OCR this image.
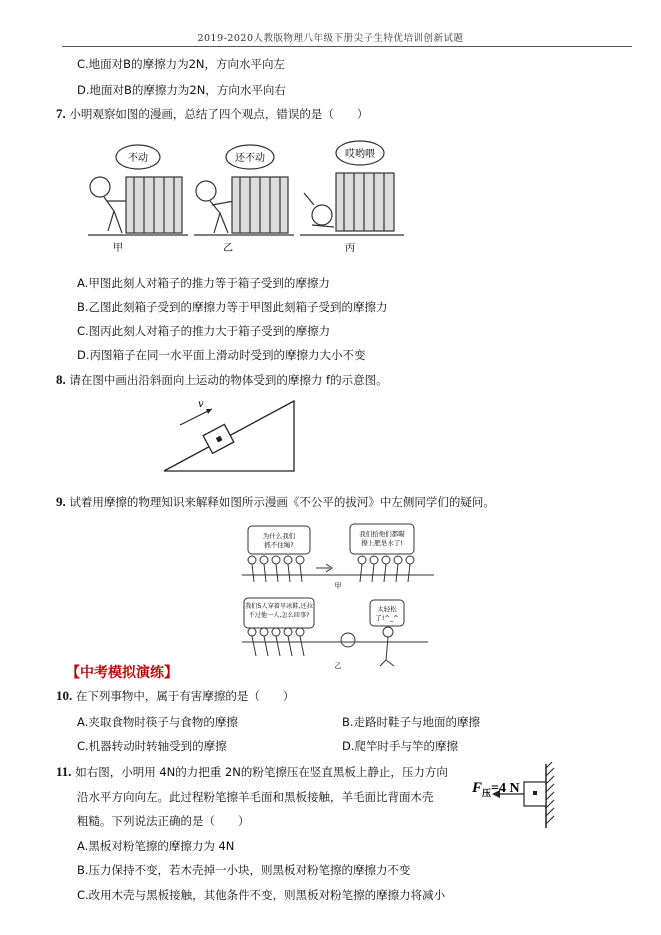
2019-2020人教版物理八年级下册尖子生特优培训创新试题
C.地面对B的摩擦力为2N，方向水平向左
D.地面对B的摩擦力为2N，方向水平向右
7. 小明观察如图的漫画，总结了四个观点，错误的是（　　）
不动	还不动	哎哟喂
甲	乙	丙
A.甲图此刻人对箱子的推力等于箱子受到的摩擦力
B.乙图此刻箱子受到的摩擦力等于甲图此刻箱子受到的摩擦力
C.图丙此刻人对箱子的推力大于箱子受到的摩擦力
D.丙图箱子在同一水平面上滑动时受到的摩擦力大小不变
8. 请在图中画出沿斜面向上运动的物体受到的摩擦力 f的示意图。
v
9. 试着用摩擦的物理知识来解释如图所示漫画《不公平的拔河》中左侧同学们的疑问。
为什么我们抓不住绳?
我们拾他们都瞄撩上肥皂水了!
我们5人穿着旱冰鞋,还拉不过他一人,怎么回事?
太轻松了!^_^
甲
乙
【中考模拟演练】
10. 在下列事物中，属于有害摩擦的是（　　）
A.夹取食物时筷子与食物的摩擦	B.走路时鞋子与地面的摩擦
C.机器转动时转轴受到的摩擦	D.爬竿时手与竿的摩擦
11. 如右图，小明用 4N的力把重 2N的粉笔擦压在竖直黑板上静止，压力方向
沿水平方向向左。此过程粉笔擦羊毛面和黑板接触，羊毛面比背面木壳
粗糙。下列说法正确的是（　　）
A.黑板对粉笔擦的摩擦力为 4N
B.压力保持不变，若木壳掉一小块，则黑板对粉笔擦的摩擦力不变
C.改用木壳与黑板接触，其他条件不变，则黑板对粉笔擦的摩擦力将减小
$F_压=4$ N
